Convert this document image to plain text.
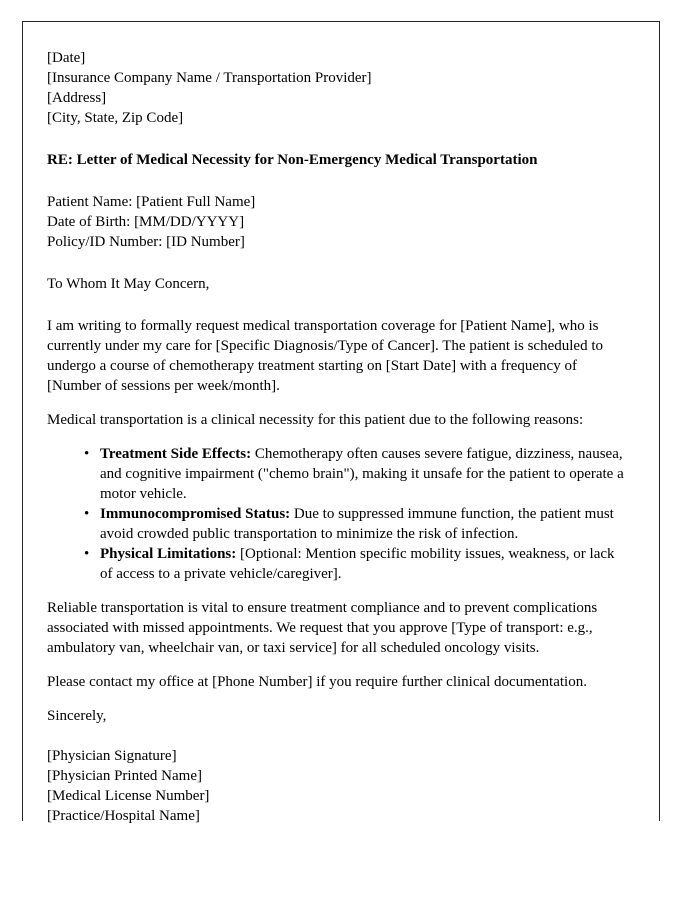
[Date]
[Insurance Company Name / Transportation Provider]
[Address]
[City, State, Zip Code]

RE: Letter of Medical Necessity for Non-Emergency Medical Transportation

Patient Name: [Patient Full Name]
Date of Birth: [MM/DD/YYYY]
Policy/ID Number: [ID Number]

To Whom It May Concern,

I am writing to formally request medical transportation coverage for [Patient Name], who is currently under my care for [Specific Diagnosis/Type of Cancer]. The patient is scheduled to undergo a course of chemotherapy treatment starting on [Start Date] with a frequency of [Number of sessions per week/month].

Medical transportation is a clinical necessity for this patient due to the following reasons:

• Treatment Side Effects: Chemotherapy often causes severe fatigue, dizziness, nausea, and cognitive impairment ("chemo brain"), making it unsafe for the patient to operate a motor vehicle.
• Immunocompromised Status: Due to suppressed immune function, the patient must avoid crowded public transportation to minimize the risk of infection.
• Physical Limitations: [Optional: Mention specific mobility issues, weakness, or lack of access to a private vehicle/caregiver].

Reliable transportation is vital to ensure treatment compliance and to prevent complications associated with missed appointments. We request that you approve [Type of transport: e.g., ambulatory van, wheelchair van, or taxi service] for all scheduled oncology visits.

Please contact my office at [Phone Number] if you require further clinical documentation.

Sincerely,

[Physician Signature]
[Physician Printed Name]
[Medical License Number]
[Practice/Hospital Name]
